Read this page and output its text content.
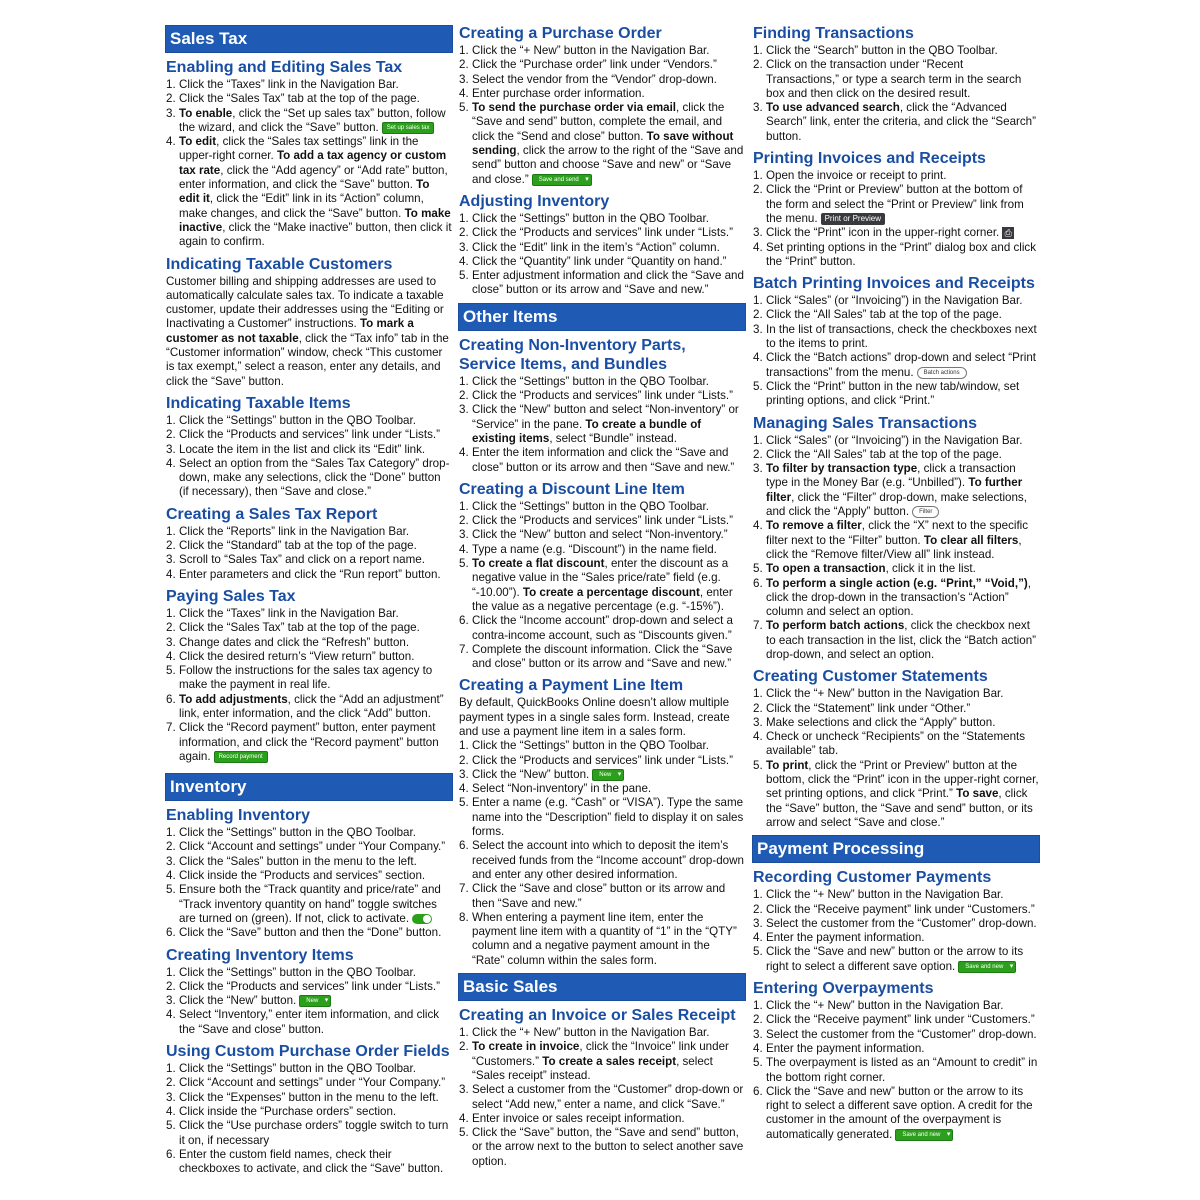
Sales Tax
Enabling and Editing Sales Tax
1. Click the “Taxes” link in the Navigation Bar.
2. Click the “Sales Tax” tab at the top of the page.
3. To enable, click the “Set up sales tax” button, follow the wizard, and click the “Save” button. Set up sales tax
4. To edit, click the “Sales tax settings” link in the upper-right corner. To add a tax agency or custom tax rate, click the “Add agency” or “Add rate” button, enter information, and click the “Save” button. To edit it, click the “Edit” link in its “Action” column, make changes, and click the “Save” button. To make inactive, click the “Make inactive” button, then click it again to confirm.
Indicating Taxable Customers

Customer billing and shipping addresses are used to automatically calculate sales tax. To indicate a taxable customer, update their addresses using the “Editing or Inactivating a Customer” instructions. To mark a customer as not taxable, click the “Tax info” tab in the “Customer information” window, check “This customer is tax exempt,” select a reason, enter any details, and click the “Save” button.

Indicating Taxable Items
1. Click the “Settings” button in the QBO Toolbar.
2. Click the “Products and services” link under “Lists.”
3. Locate the item in the list and click its “Edit” link.
4. Select an option from the “Sales Tax Category” drop-down, make any selections, click the “Done” button (if necessary), then “Save and close.”
Creating a Sales Tax Report
1. Click the “Reports” link in the Navigation Bar.
2. Click the “Standard” tab at the top of the page.
3. Scroll to “Sales Tax” and click on a report name.
4. Enter parameters and click the “Run report” button.
Paying Sales Tax
1. Click the “Taxes” link in the Navigation Bar.
2. Click the “Sales Tax” tab at the top of the page.
3. Change dates and click the “Refresh” button.
4. Click the desired return’s “View return” button.
5. Follow the instructions for the sales tax agency to make the payment in real life.
6. To add adjustments, click the “Add an adjustment” link, enter information, and the click “Add” button.
7. Click the “Record payment” button, enter payment information, and click the “Record payment” button again. Record payment
Inventory
Enabling Inventory
1. Click the “Settings” button in the QBO Toolbar.
2. Click “Account and settings” under “Your Company.”
3. Click the “Sales” button in the menu to the left.
4. Click inside the “Products and services” section.
5. Ensure both the “Track quantity and price/rate” and “Track inventory quantity on hand” toggle switches are turned on (green). If not, click to activate.
6. Click the “Save” button and then the “Done” button.
Creating Inventory Items
1. Click the “Settings” button in the QBO Toolbar.
2. Click the “Products and services” link under “Lists.”
3. Click the “New” button. New ▾
4. Select “Inventory,” enter item information, and click the “Save and close” button.
Using Custom Purchase Order Fields
1. Click the “Settings” button in the QBO Toolbar.
2. Click “Account and settings” under “Your Company.”
3. Click the “Expenses” button in the menu to the left.
4. Click inside the “Purchase orders” section.
5. Click the “Use purchase orders” toggle switch to turn it on, if necessary
6. Enter the custom field names, check their checkboxes to activate, and click the “Save” button.
Creating a Purchase Order
1. Click the “+ New” button in the Navigation Bar.
2. Click the “Purchase order” link under “Vendors.”
3. Select the vendor from the “Vendor” drop-down.
4. Enter purchase order information.
5. To send the purchase order via email, click the “Save and send” button, complete the email, and click the “Send and close” button. To save without sending, click the arrow to the right of the “Save and send” button and choose “Save and new” or “Save and close.” Save and send ▾
Adjusting Inventory
1. Click the “Settings” button in the QBO Toolbar.
2. Click the “Products and services” link under “Lists.”
3. Click the “Edit” link in the item’s “Action” column.
4. Click the “Quantity” link under “Quantity on hand.”
5. Enter adjustment information and click the “Save and close” button or its arrow and “Save and new.”
Other Items
Creating Non-Inventory Parts, Service Items, and Bundles
1. Click the “Settings” button in the QBO Toolbar.
2. Click the “Products and services” link under “Lists.”
3. Click the “New” button and select “Non-inventory” or “Service” in the pane. To create a bundle of existing items, select “Bundle” instead.
4. Enter the item information and click the “Save and close” button or its arrow and then “Save and new.”
Creating a Discount Line Item
1. Click the “Settings” button in the QBO Toolbar.
2. Click the “Products and services” link under “Lists.”
3. Click the “New” button and select “Non-inventory.”
4. Type a name (e.g. “Discount”) in the name field.
5. To create a flat discount, enter the discount as a negative value in the “Sales price/rate” field (e.g. “-10.00”). To create a percentage discount, enter the value as a negative percentage (e.g. “-15%”).
6. Click the “Income account” drop-down and select a contra-income account, such as “Discounts given.”
7. Complete the discount information. Click the “Save and close” button or its arrow and “Save and new.”
Creating a Payment Line Item

By default, QuickBooks Online doesn’t allow multiple payment types in a single sales form. Instead, create and use a payment line item in a sales form.

1. Click the “Settings” button in the QBO Toolbar.
2. Click the “Products and services” link under “Lists.”
3. Click the “New” button. New ▾
4. Select “Non-inventory” in the pane.
5. Enter a name (e.g. “Cash” or “VISA”). Type the same name into the “Description” field to display it on sales forms.
6. Select the account into which to deposit the item’s received funds from the “Income account” drop-down and enter any other desired information.
7. Click the “Save and close” button or its arrow and then “Save and new.”
8. When entering a payment line item, enter the payment line item with a quantity of “1” in the “QTY” column and a negative payment amount in the “Rate” column within the sales form.
Basic Sales
Creating an Invoice or Sales Receipt
1. Click the “+ New” button in the Navigation Bar.
2. To create in invoice, click the “Invoice” link under “Customers.” To create a sales receipt, select “Sales receipt” instead.
3. Select a customer from the “Customer” drop-down or select “Add new,” enter a name, and click “Save.”
4. Enter invoice or sales receipt information.
5. Click the “Save” button, the “Save and send” button, or the arrow next to the button to select another save option.
Finding Transactions
1. Click the “Search” button in the QBO Toolbar.
2. Click on the transaction under “Recent Transactions,” or type a search term in the search box and then click on the desired result.
3. To use advanced search, click the “Advanced Search” link, enter the criteria, and click the “Search” button.
Printing Invoices and Receipts
1. Open the invoice or receipt to print.
2. Click the “Print or Preview” button at the bottom of the form and select the “Print or Preview” link from the menu. Print or Preview
3. Click the “Print” icon in the upper-right corner. ⎙
4. Set printing options in the “Print” dialog box and click the “Print” button.
Batch Printing Invoices and Receipts
1. Click “Sales” (or “Invoicing”) in the Navigation Bar.
2. Click the “All Sales” tab at the top of the page.
3. In the list of transactions, check the checkboxes next to the items to print.
4. Click the “Batch actions” drop-down and select “Print transactions” from the menu. Batch actions
5. Click the “Print” button in the new tab/window, set printing options, and click “Print.”
Managing Sales Transactions
1. Click “Sales” (or “Invoicing”) in the Navigation Bar.
2. Click the “All Sales” tab at the top of the page.
3. To filter by transaction type, click a transaction type in the Money Bar (e.g. “Unbilled”). To further filter, click the “Filter” drop-down, make selections, and click the “Apply” button. Filter
4. To remove a filter, click the “X” next to the specific filter next to the “Filter” button. To clear all filters, click the “Remove filter/View all” link instead.
5. To open a transaction, click it in the list.
6. To perform a single action (e.g. “Print,” “Void,”), click the drop-down in the transaction’s “Action” column and select an option.
7. To perform batch actions, click the checkbox next to each transaction in the list, click the “Batch action” drop-down, and select an option.
Creating Customer Statements
1. Click the “+ New” button in the Navigation Bar.
2. Click the “Statement” link under “Other.”
3. Make selections and click the “Apply” button.
4. Check or uncheck “Recipients” on the “Statements available” tab.
5. To print, click the “Print or Preview” button at the bottom, click the “Print” icon in the upper-right corner, set printing options, and click “Print.” To save, click the “Save” button, the “Save and send” button, or its arrow and select “Save and close.”
Payment Processing
Recording Customer Payments
1. Click the “+ New” button in the Navigation Bar.
2. Click the “Receive payment” link under “Customers.”
3. Select the customer from the “Customer” drop-down.
4. Enter the payment information.
5. Click the “Save and new” button or the arrow to its right to select a different save option. Save and new ▾
Entering Overpayments
1. Click the “+ New” button in the Navigation Bar.
2. Click the “Receive payment” link under “Customers.”
3. Select the customer from the “Customer” drop-down.
4. Enter the payment information.
5. The overpayment is listed as an “Amount to credit” in the bottom right corner.
6. Click the “Save and new” button or the arrow to its right to select a different save option. A credit for the customer in the amount of the overpayment is automatically generated. Save and new ▾
